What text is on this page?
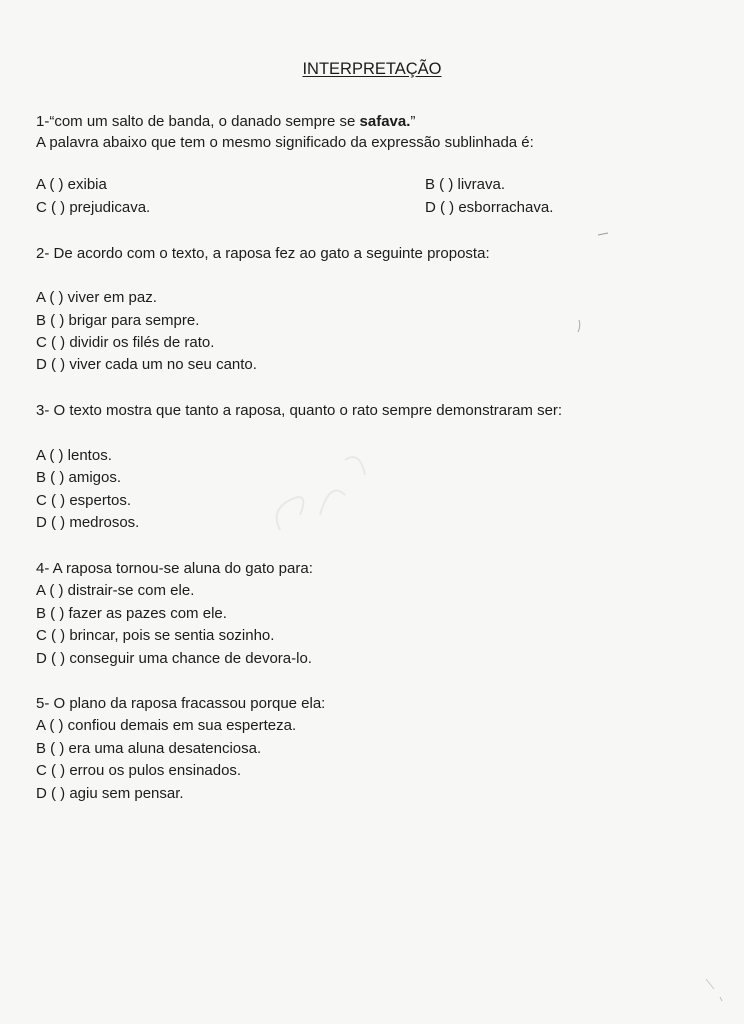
INTERPRETAÇÃO
1-“com um salto de banda, o danado sempre se safava.”
A palavra abaixo que tem o mesmo significado da expressão sublinhada é:
A ( ) exibia	B ( ) livrava.
C ( ) prejudicava.	D ( ) esborrachava.
2- De acordo com o texto, a raposa fez ao gato a seguinte proposta:
A ( ) viver em paz.
B ( ) brigar para sempre.
C ( ) dividir os filés de rato.
D ( ) viver cada um no seu canto.
3- O texto mostra que tanto a raposa, quanto o rato sempre demonstraram ser:
A ( ) lentos.
B ( ) amigos.
C ( ) espertos.
D ( ) medrosos.
4- A raposa tornou-se aluna do gato para:
A ( ) distrair-se com ele.
B ( ) fazer as pazes com ele.
C ( ) brincar, pois se sentia sozinho.
D ( ) conseguir uma chance de devora-lo.
5- O plano da raposa fracassou porque ela:
A ( ) confiou demais em sua esperteza.
B ( ) era uma aluna desatenciosa.
C ( ) errou os pulos ensinados.
D ( ) agiu sem pensar.
